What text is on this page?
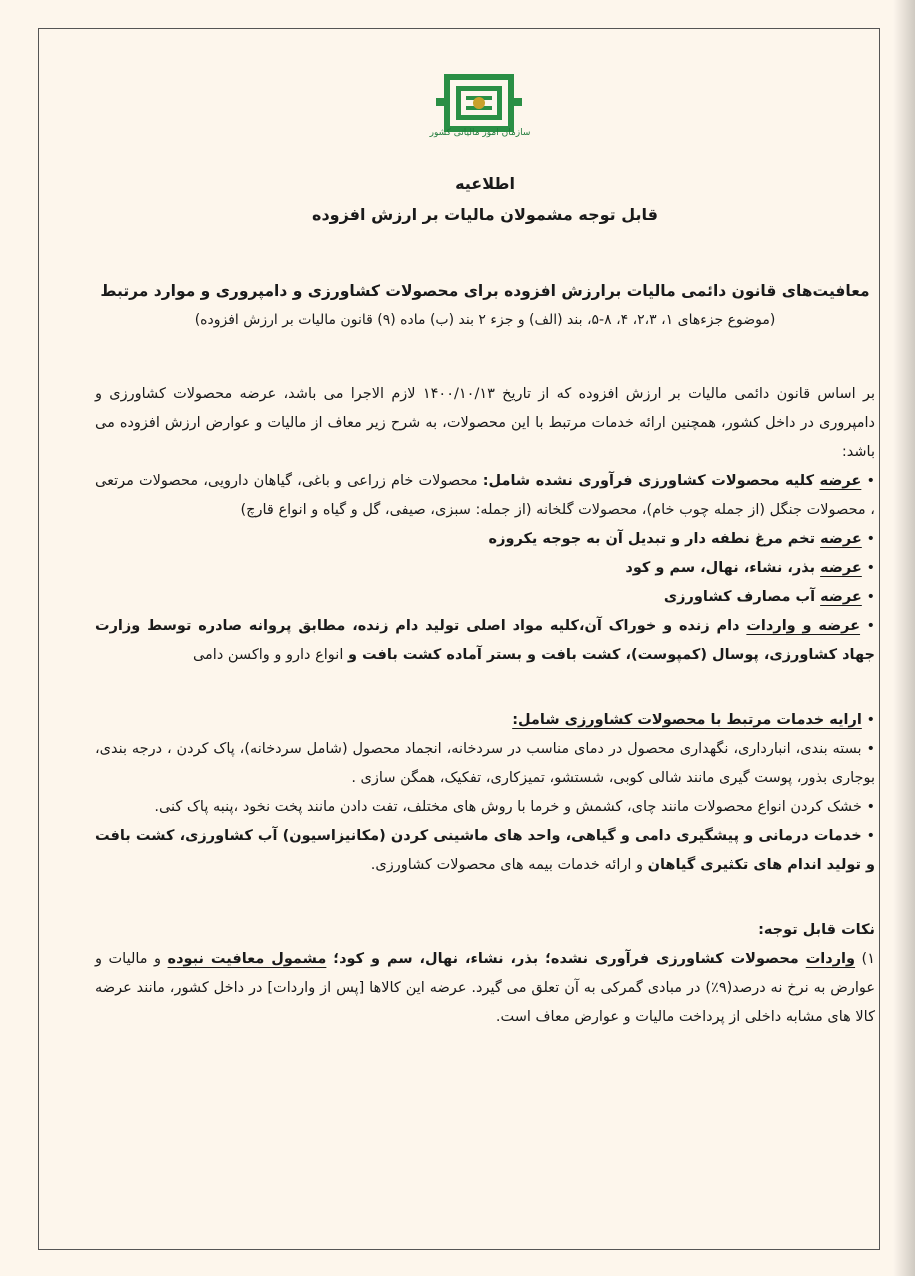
سازمان امور مالیاتی کشور
اطلاعیه
قابل توجه مشمولان مالیات بر ارزش افزوده
معافیت‌های قانون دائمی مالیات برارزش افزوده برای محصولات کشاورزی و دامپروری و موارد مرتبط
(موضوع جزءهای ۱، ۲،۳، ۴، ۸-۵، بند (الف) و جزء ۲ بند (ب) ماده (۹) قانون مالیات بر ارزش افزوده)

بر اساس قانون دائمی مالیات بر ارزش افزوده که از تاریخ ۱۴۰۰/۱۰/۱۳ لازم الاجرا می باشد، عرضه محصولات کشاورزی و دامپروری در داخل کشور، همچنین ارائه خدمات مرتبط با این محصولات، به شرح زیر معاف از مالیات و عوارض ارزش افزوده می باشد:

• عرضه کلیه محصولات کشاورزی فرآوری نشده شامل: محصولات خام زراعی و باغی، گیاهان دارویی، محصولات مرتعی ، محصولات جنگل (از جمله چوب خام)، محصولات گلخانه (از جمله: سبزی، صیفی، گل و گیاه و انواع قارچ)

• عرضه تخم مرغ نطفه دار و تبدیل آن به جوجه یکروزه

• عرضه بذر، نشاء، نهال، سم و کود

• عرضه آب مصارف کشاورزی

• عرضه و واردات دام زنده و خوراک آن،کلیه مواد اصلی تولید دام زنده، مطابق پروانه صادره توسط وزارت جهاد کشاورزی، پوسال (کمپوست)، کشت بافت و بستر آماده کشت بافت و انواع دارو و واکسن دامی

• ارایه خدمات مرتبط با محصولات کشاورزی شامل:

• بسته بندی، انبارداری، نگهداری محصول در دمای مناسب در سردخانه، انجماد محصول (شامل سردخانه)، پاک کردن ، درجه بندی، بوجاری بذور، پوست گیری مانند شالی کوبی، شستشو، تمیزکاری، تفکیک، همگن سازی .

• خشک کردن انواع محصولات مانند چای، کشمش و خرما با روش های مختلف، تفت دادن مانند پخت نخود ،پنبه پاک کنی.

• خدمات درمانی و پیشگیری دامی و گیاهی، واحد های ماشینی کردن (مکانیزاسیون) آب کشاورزی، کشت بافت و تولید اندام های تکثیری گیاهان و ارائه خدمات بیمه های محصولات کشاورزی.

نکات قابل توجه:

۱) واردات محصولات کشاورزی فرآوری نشده؛ بذر، نشاء، نهال، سم و کود؛ مشمول معافیت نبوده و مالیات و عوارض به نرخ نه درصد(۹٪) در مبادی گمرکی به آن تعلق می گیرد. عرضه این کالاها [پس از واردات] در داخل کشور، مانند عرضه کالا های مشابه داخلی از پرداخت مالیات و عوارض معاف است.
